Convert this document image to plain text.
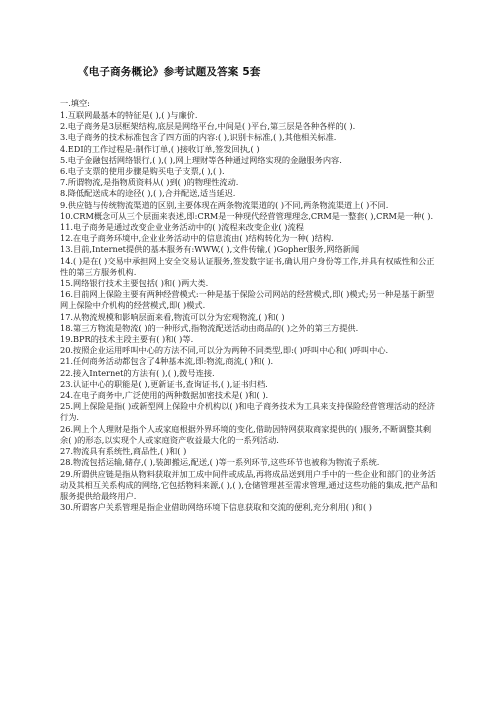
《电子商务概论》参考试题及答案 5套
一.填空:
1.互联网最基本的特征是( ),( )与廉价.
2.电子商务是3层框架结构,底层是网络平台,中间是( )平台,第三层是各种各样的( ).
3.电子商务的技术标准包含了四方面的内容:( ),识别卡标准,( ),其他相关标准.
4.EDI的工作过程是:制作订单,( )接收订单,签发回执,( )
5.电子金融包括网络银行,( ),( ),网上理财等各种通过网络实现的金融服务内容.
6.电子支票的使用步骤是购买电子支票,( ),( ).
7.所谓物流,是指物质资料从( )到( )的物理性流动.
8.降低配送成本的途径( ),( ),合并配送,适当延迟.
9.供应链与传统物流渠道的区别,主要体现在两条物流渠道的( )不同,两条物流渠道上( )不同.
10.CRM概念可从三个层面来表述,即:CRM是一种现代经营管理理念,CRM是一整套( ),CRM是一种( ).
11.电子商务是通过改变企业业务活动中的( )流程来改变企业( )流程
12.在电子商务环境中,企业业务活动中的信息流由( )结构转化为一种( )结构.
13.目前,Internet提供的基本服务有:WWW,( ),文件传输,( )Gopher服务,网络新闻
14.( )是在( )交易中承担网上安全交易认证服务,签发数字证书,确认用户身份等工作,并具有权威性和公正性的第三方服务机构.
15.网络银行技术主要包括( )和( )两大类.
16.目前网上保险主要有两种经营模式:一种是基于保险公司网站的经营模式,即( )模式;另一种是基于新型网上保险中介机构的经营模式,即( )模式.
17.从物流规模和影响层面来看,物流可以分为宏观物流,( )和( )
18.第三方物流是物流( )的一种形式,指物流配送活动由商品的( )之外的第三方提供.
19.BPR的技术主段主要有( )和( )等.
20.按照企业运用呼叫中心的方法不同,可以分为两种不同类型,即:( )呼叫中心和( )呼叫中心.
21.任何商务活动都包含了4种基本流,即:物流,商流,( )和( ).
22.接入Internet的方法有( ),( ),拨号连接.
23.认证中心的职能是( ),更新证书,查询证书,( ),证书归档.
24.在电子商务中,广泛使用的两种数据加密技术是( )和( ).
25.网上保险是指( )或新型网上保险中介机构以( )和电子商务技术为工具来支持保险经营管理活动的经济行为.
26.网上个人理财是指个人或家庭根据外界环境的变化,借助因特网获取商家提供的( )服务,不断调整其剩余( )的形态,以实现个人或家庭资产收益最大化的一系列活动.
27.物流具有系统性,商品性,( )和( )
28.物流包括运输,储存,( ),装卸搬运,配送,( )等一系列环节,这些环节也被称为物流子系统.
29.所谓供应链是指从物料获取并加工成中间件或成品,再将成品送到用户手中的一些企业和部门的业务活动及其相互关系构成的网络,它包括物料来源,( ),( ),仓储管理甚至需求管理,通过这些功能的集成,把产品和服务提供给最终用户.
30.所谓客户关系管理是指企业借助网络环境下信息获取和交流的便利,充分利用( )和( )
